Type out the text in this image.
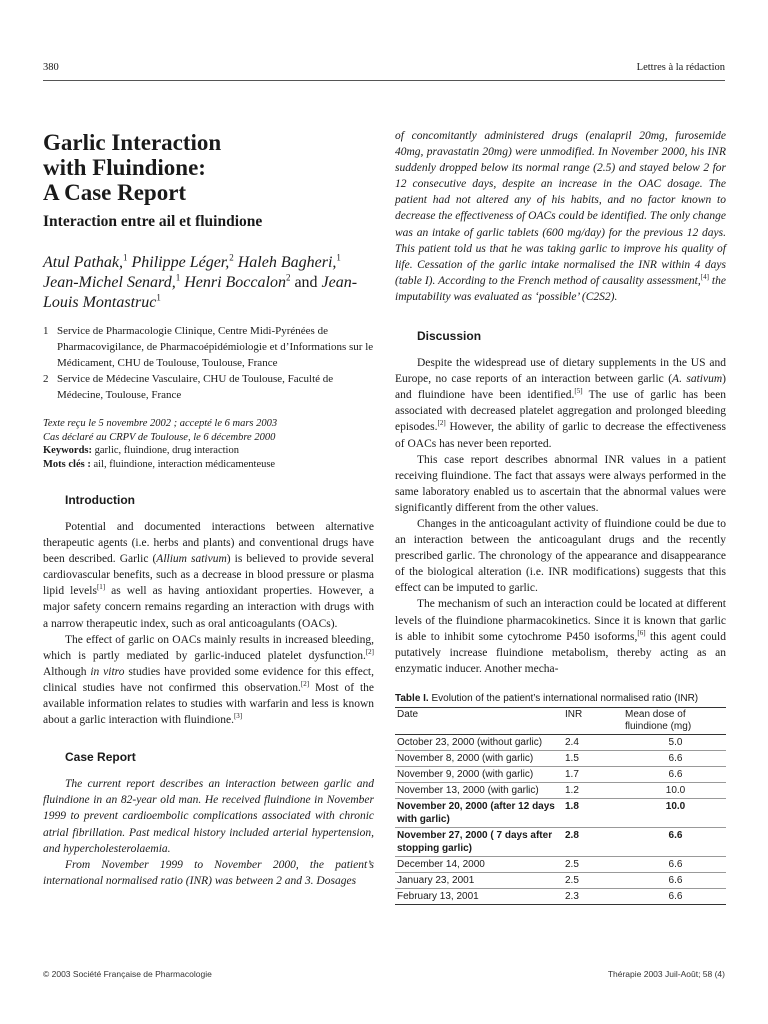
380	Lettres à la rédaction
Garlic Interaction
with Fluindione:
A Case Report
Interaction entre ail et fluindione
Atul Pathak,$^1$ Philippe Léger,$^2$ Haleh Bagheri,$^1$ Jean-Michel Senard,$^1$ Henri Boccalon$^2$ and Jean-Louis Montastruc$^1$
1 Service de Pharmacologie Clinique, Centre Midi-Pyrénées de Pharmacovigilance, de Pharmacoépidémiologie et d’Informations sur le Médicament, CHU de Toulouse, Toulouse, France
2 Service de Médecine Vasculaire, CHU de Toulouse, Faculté de Médecine, Toulouse, France
Texte reçu le 5 novembre 2002 ; accepté le 6 mars 2003
Cas déclaré au CRPV de Toulouse, le 6 décembre 2000
Keywords: garlic, fluindione, drug interaction
Mots clés : ail, fluindione, interaction médicamenteuse
Introduction
Potential and documented interactions between alternative therapeutic agents (i.e. herbs and plants) and conventional drugs have been described. Garlic (Allium sativum) is believed to provide several cardiovascular benefits, such as a decrease in blood pressure or plasma lipid levels[1] as well as having antioxidant properties. However, a major safety concern remains regarding an interaction with drugs with a narrow therapeutic index, such as oral anticoagulants (OACs).
The effect of garlic on OACs mainly results in increased bleeding, which is partly mediated by garlic-induced platelet dysfunction.[2] Although in vitro studies have provided some evidence for this effect, clinical studies have not confirmed this observation.[2] Most of the available information relates to studies with warfarin and less is known about a garlic interaction with fluindione.[3]
Case Report
The current report describes an interaction between garlic and fluindione in an 82-year old man. He received fluindione in November 1999 to prevent cardioembolic complications associated with chronic atrial fibrillation. Past medical history included arterial hypertension, and hypercholesterolaemia.
From November 1999 to November 2000, the patient’s international normalised ratio (INR) was between 2 and 3. Dosages
of concomitantly administered drugs (enalapril 20mg, furosemide 40mg, pravastatin 20mg) were unmodified. In November 2000, his INR suddenly dropped below its normal range (2.5) and stayed below 2 for 12 consecutive days, despite an increase in the OAC dosage. The patient had not altered any of his habits, and no factor known to decrease the effectiveness of OACs could be identified. The only change was an intake of garlic tablets (600 mg/day) for the previous 12 days. This patient told us that he was taking garlic to improve his quality of life. Cessation of the garlic intake normalised the INR within 4 days (table I). According to the French method of causality assessment,[4] the imputability was evaluated as ‘possible’ (C2S2).
Discussion
Despite the widespread use of dietary supplements in the US and Europe, no case reports of an interaction between garlic (A. sativum) and fluindione have been identified.[5] The use of garlic has been associated with decreased platelet aggregation and prolonged bleeding episodes.[2] However, the ability of garlic to decrease the effectiveness of OACs has never been reported.
This case report describes abnormal INR values in a patient receiving fluindione. The fact that assays were always performed in the same laboratory enabled us to ascertain that the abnormal values were significantly different from the other values.
Changes in the anticoagulant activity of fluindione could be due to an interaction between the anticoagulant drugs and the recently prescribed garlic. The chronology of the appearance and disappearance of the biological alteration (i.e. INR modifications) suggests that this effect can be imputed to garlic.
The mechanism of such an interaction could be located at different levels of the fluindione pharmacokinetics. Since it is known that garlic is able to inhibit some cytochrome P450 isoforms,[6] this agent could putatively increase fluindione metabolism, thereby acting as an enzymatic inducer. Another mecha-
Table I. Evolution of the patient’s international normalised ratio (INR)
Date	INR	Mean dose of fluindione (mg)
October 23, 2000 (without garlic)	2.4	5.0
November 8, 2000 (with garlic)	1.5	6.6
November 9, 2000 (with garlic)	1.7	6.6
November 13, 2000 (with garlic)	1.2	10.0
November 20, 2000 (after 12 days with garlic)	1.8	10.0
November 27, 2000 ( 7 days after stopping garlic)	2.8	6.6
December 14, 2000	2.5	6.6
January 23, 2001	2.5	6.6
February 13, 2001	2.3	6.6
© 2003 Société Française de Pharmacologie	Thérapie 2003 Juil-Août; 58 (4)
